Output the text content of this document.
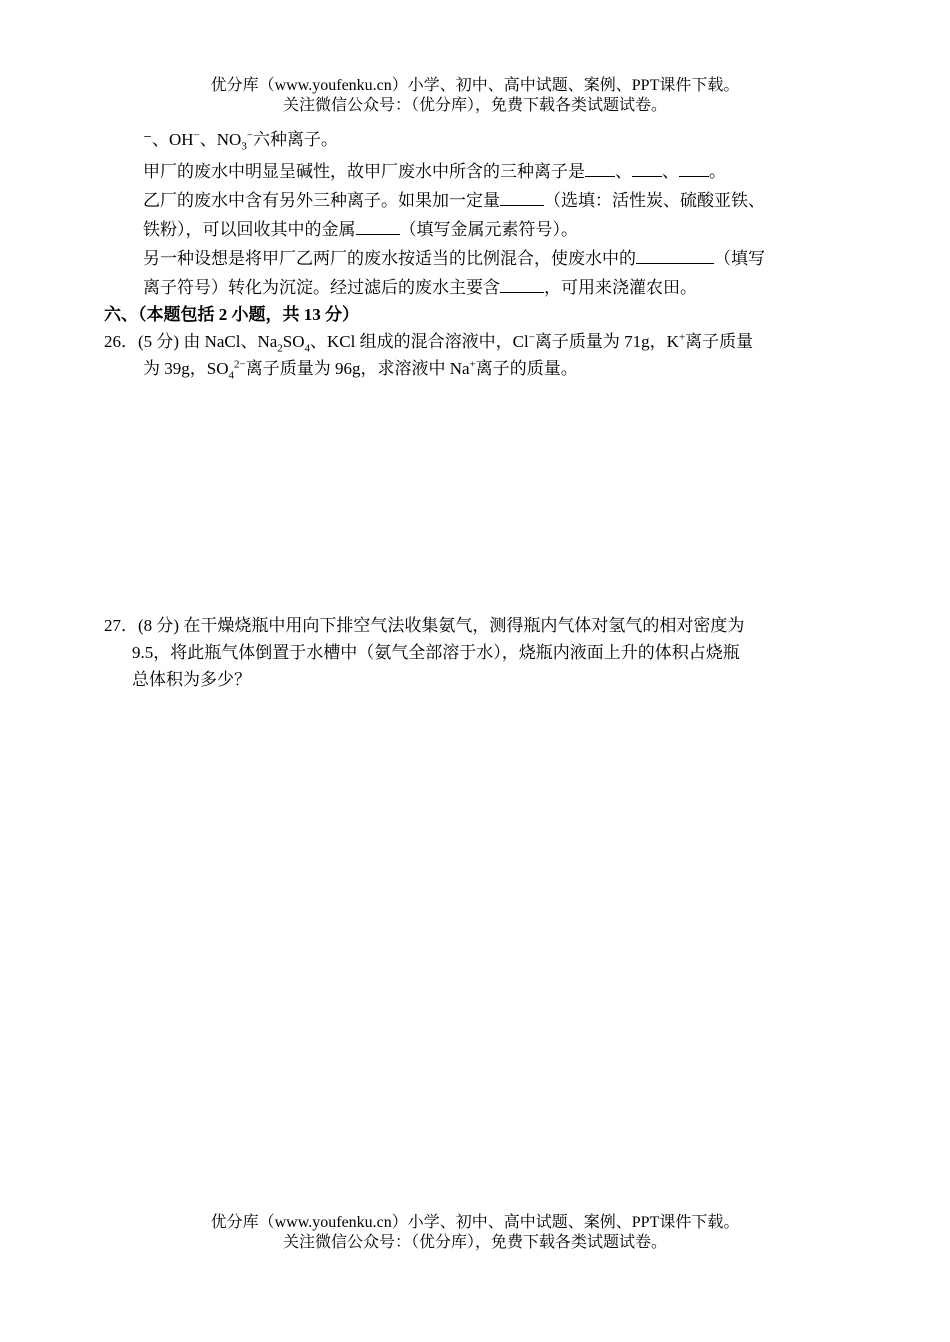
优分库（www.youfenku.cn）小学、初中、高中试题、案例、PPT课件下载。
关注微信公众号：（优分库），免费下载各类试题试卷。
⁻、OH−、$NO_3^-$六种离子。
甲厂的废水中明显呈碱性，故甲厂废水中所含的三种离子是 、 、 。
乙厂的废水中含有另外三种离子。如果加一定量	（选填：活性炭、硫酸亚铁、
铁粉），可以回收其中的金属	（填写金属元素符号）。
另一种设想是将甲厂乙两厂的废水按适当的比例混合，使废水中的	（填写
离子符号）转化为沉淀。经过滤后的废水主要含	，可用来浇灌农田。
六、（本题包括 2 小题，共 13 分）
26．(5 分) 由 NaCl、$Na_2SO_4$、KCl 组成的混合溶液中，Cl−离子质量为 71g，K+离子质量
为 39g，$SO_4^{2-}$离子质量为 96g，求溶液中 Na+离子的质量。
27．(8 分) 在干燥烧瓶中用向下排空气法收集氨气，测得瓶内气体对氢气的相对密度为
9.5，将此瓶气体倒置于水槽中（氨气全部溶于水），烧瓶内液面上升的体积占烧瓶
总体积为多少？
优分库（www.youfenku.cn）小学、初中、高中试题、案例、PPT课件下载。
关注微信公众号：（优分库），免费下载各类试题试卷。
